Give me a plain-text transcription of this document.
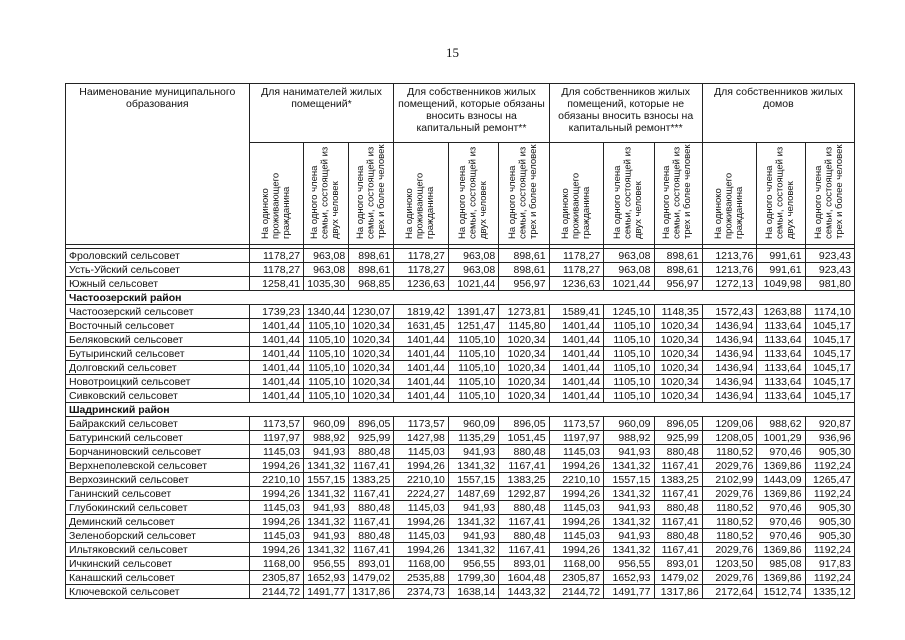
15
Наименование муниципального образования	Для нанимателей жилых помещений*			Для собственников жилых помещений, которые обязаны вносить взносы на капитальный ремонт**			Для собственников жилых помещений, которые не обязаны вносить взносы на капитальный ремонт***			Для собственников жилых домов		
	На одиноко проживающего гражданина	На одного члена семьи, состоящей из двух человек	На одного члена семьи, состоящей из трех и более человек	На одиноко проживающего гражданина	На одного члена семьи, состоящей из двух человек	На одного члена семьи, состоящей из трех и более человек	На одиноко проживающего гражданина	На одного члена семьи, состоящей из двух человек	На одного члена семьи, состоящей из трех и более человек	На одиноко проживающего гражданина	На одного члена семьи, состоящей из двух человек	На одного члена семьи, состоящей из трех и более человек

Фроловский сельсовет	1178,27	963,08	898,61	1178,27	963,08	898,61	1178,27	963,08	898,61	1213,76	991,61	923,43
Усть-Уйский сельсовет	1178,27	963,08	898,61	1178,27	963,08	898,61	1178,27	963,08	898,61	1213,76	991,61	923,43
Южный сельсовет	1258,41	1035,30	968,85	1236,63	1021,44	956,97	1236,63	1021,44	956,97	1272,13	1049,98	981,80
Частоозерский район												
Частоозерский сельсовет	1739,23	1340,44	1230,07	1819,42	1391,47	1273,81	1589,41	1245,10	1148,35	1572,43	1263,88	1174,10
Восточный сельсовет	1401,44	1105,10	1020,34	1631,45	1251,47	1145,80	1401,44	1105,10	1020,34	1436,94	1133,64	1045,17
Беляковский сельсовет	1401,44	1105,10	1020,34	1401,44	1105,10	1020,34	1401,44	1105,10	1020,34	1436,94	1133,64	1045,17
Бутыринский сельсовет	1401,44	1105,10	1020,34	1401,44	1105,10	1020,34	1401,44	1105,10	1020,34	1436,94	1133,64	1045,17
Долговский сельсовет	1401,44	1105,10	1020,34	1401,44	1105,10	1020,34	1401,44	1105,10	1020,34	1436,94	1133,64	1045,17
Новотроицкий сельсовет	1401,44	1105,10	1020,34	1401,44	1105,10	1020,34	1401,44	1105,10	1020,34	1436,94	1133,64	1045,17
Сивковский сельсовет	1401,44	1105,10	1020,34	1401,44	1105,10	1020,34	1401,44	1105,10	1020,34	1436,94	1133,64	1045,17
Шадринский район												
Байракский сельсовет	1173,57	960,09	896,05	1173,57	960,09	896,05	1173,57	960,09	896,05	1209,06	988,62	920,87
Батуринский сельсовет	1197,97	988,92	925,99	1427,98	1135,29	1051,45	1197,97	988,92	925,99	1208,05	1001,29	936,96
Борчаниновский сельсовет	1145,03	941,93	880,48	1145,03	941,93	880,48	1145,03	941,93	880,48	1180,52	970,46	905,30
Верхнеполевской сельсовет	1994,26	1341,32	1167,41	1994,26	1341,32	1167,41	1994,26	1341,32	1167,41	2029,76	1369,86	1192,24
Верхозинский сельсовет	2210,10	1557,15	1383,25	2210,10	1557,15	1383,25	2210,10	1557,15	1383,25	2102,99	1443,09	1265,47
Ганинский сельсовет	1994,26	1341,32	1167,41	2224,27	1487,69	1292,87	1994,26	1341,32	1167,41	2029,76	1369,86	1192,24
Глубокинский сельсовет	1145,03	941,93	880,48	1145,03	941,93	880,48	1145,03	941,93	880,48	1180,52	970,46	905,30
Деминский сельсовет	1994,26	1341,32	1167,41	1994,26	1341,32	1167,41	1994,26	1341,32	1167,41	1180,52	970,46	905,30
Зеленоборский сельсовет	1145,03	941,93	880,48	1145,03	941,93	880,48	1145,03	941,93	880,48	1180,52	970,46	905,30
Ильтяковский сельсовет	1994,26	1341,32	1167,41	1994,26	1341,32	1167,41	1994,26	1341,32	1167,41	2029,76	1369,86	1192,24
Ичкинский сельсовет	1168,00	956,55	893,01	1168,00	956,55	893,01	1168,00	956,55	893,01	1203,50	985,08	917,83
Канашский сельсовет	2305,87	1652,93	1479,02	2535,88	1799,30	1604,48	2305,87	1652,93	1479,02	2029,76	1369,86	1192,24
Ключевской сельсовет	2144,72	1491,77	1317,86	2374,73	1638,14	1443,32	2144,72	1491,77	1317,86	2172,64	1512,74	1335,12
